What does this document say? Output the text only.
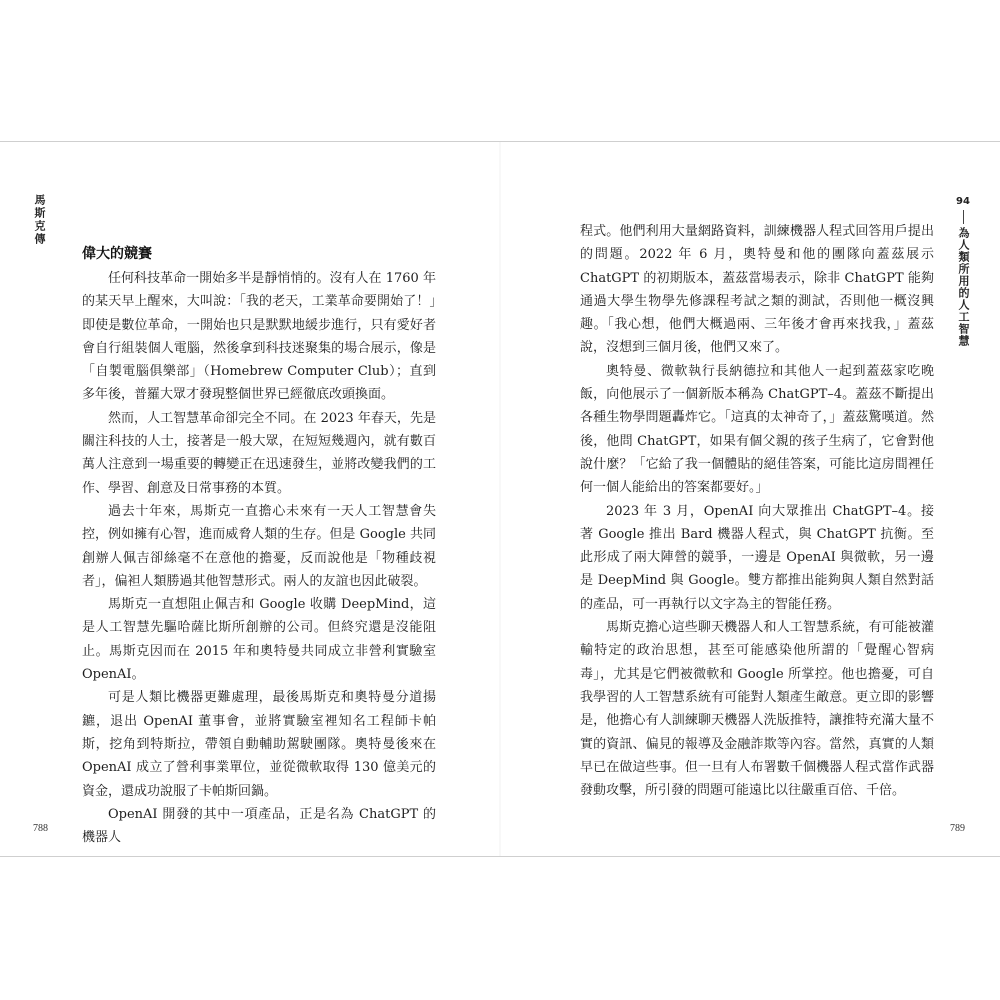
馬斯克傳
偉大的競賽

任何科技革命一開始多半是靜悄悄的。沒有人在 1760 年的某天早上醒來，大叫說：「我的老天，工業革命要開始了！」即使是數位革命，一開始也只是默默地緩步進行，只有愛好者會自行組裝個人電腦，然後拿到科技迷聚集的場合展示，像是「自製電腦俱樂部」（Homebrew Computer Club）；直到多年後，普羅大眾才發現整個世界已經徹底改頭換面。

然而，人工智慧革命卻完全不同。在 2023 年春天，先是關注科技的人士，接著是一般大眾，在短短幾週內，就有數百萬人注意到一場重要的轉變正在迅速發生，並將改變我們的工作、學習、創意及日常事務的本質。

過去十年來，馬斯克一直擔心未來有一天人工智慧會失控，例如擁有心智，進而威脅人類的生存。但是 Google 共同創辦人佩吉卻絲毫不在意他的擔憂，反而說他是「物種歧視者」，偏袒人類勝過其他智慧形式。兩人的友誼也因此破裂。

馬斯克一直想阻止佩吉和 Google 收購 DeepMind，這是人工智慧先驅哈薩比斯所創辦的公司。但終究還是沒能阻止。馬斯克因而在 2015 年和奧特曼共同成立非營利實驗室 OpenAI。

可是人類比機器更難處理，最後馬斯克和奧特曼分道揚鑣，退出 OpenAI 董事會，並將實驗室裡知名工程師卡帕斯，挖角到特斯拉，帶領自動輔助駕駛團隊。奧特曼後來在 OpenAI 成立了營利事業單位，並從微軟取得 130 億美元的資金，還成功說服了卡帕斯回鍋。

OpenAI 開發的其中一項產品，正是名為 ChatGPT 的機器人

788
94
為人類所用的人工智慧

程式。他們利用大量網路資料，訓練機器人程式回答用戶提出的問題。2022 年 6 月，奧特曼和他的團隊向蓋茲展示 ChatGPT 的初期版本，蓋茲當場表示，除非 ChatGPT 能夠通過大學生物學先修課程考試之類的測試，否則他一概沒興趣。「我心想，他們大概過兩、三年後才會再來找我，」蓋茲說，沒想到三個月後，他們又來了。

奧特曼、微軟執行長納德拉和其他人一起到蓋茲家吃晚飯，向他展示了一個新版本稱為 ChatGPT–4。蓋茲不斷提出各種生物學問題轟炸它。「這真的太神奇了，」蓋茲驚嘆道。然後，他問 ChatGPT，如果有個父親的孩子生病了，它會對他說什麼？「它給了我一個體貼的絕佳答案，可能比這房間裡任何一個人能給出的答案都要好。」

2023 年 3 月，OpenAI 向大眾推出 ChatGPT–4。接著 Google 推出 Bard 機器人程式，與 ChatGPT 抗衡。至此形成了兩大陣營的競爭，一邊是 OpenAI 與微軟，另一邊是 DeepMind 與 Google。雙方都推出能夠與人類自然對話的產品，可一再執行以文字為主的智能任務。

馬斯克擔心這些聊天機器人和人工智慧系統，有可能被灌輸特定的政治思想，甚至可能感染他所謂的「覺醒心智病毒」，尤其是它們被微軟和 Google 所掌控。他也擔憂，可自我學習的人工智慧系統有可能對人類產生敵意。更立即的影響是，他擔心有人訓練聊天機器人洗版推特，讓推特充滿大量不實的資訊、偏見的報導及金融詐欺等內容。當然，真實的人類早已在做這些事。但一旦有人布署數千個機器人程式當作武器發動攻擊，所引發的問題可能遠比以往嚴重百倍、千倍。

789
